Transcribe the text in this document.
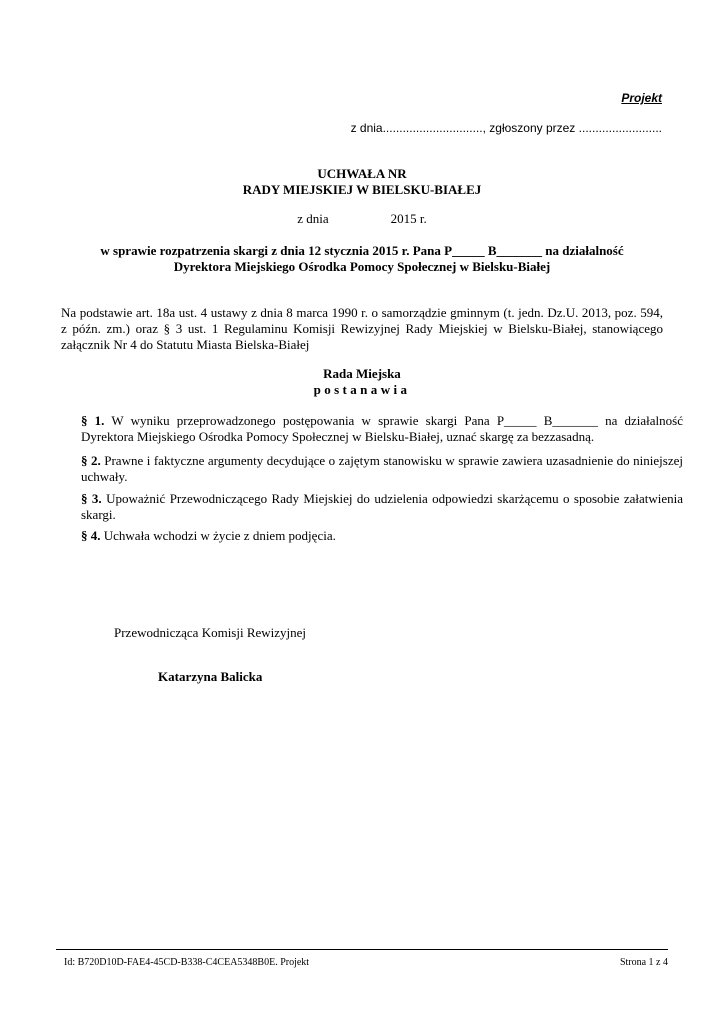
Projekt
z dnia.............................., zgłoszony przez .........................
UCHWAŁA NR
RADY MIEJSKIEJ W BIELSKU-BIAŁEJ
z dnia	2015 r.
w sprawie rozpatrzenia skargi z dnia 12 stycznia 2015 r. Pana P_____ B_______ na działalność
Dyrektora Miejskiego Ośrodka Pomocy Społecznej w Bielsku-Białej
Na podstawie art. 18a ust. 4 ustawy z dnia 8 marca 1990 r. o samorządzie gminnym (t. jedn. Dz.U. 2013, poz. 594, z późn. zm.) oraz § 3 ust. 1 Regulaminu Komisji Rewizyjnej Rady Miejskiej w Bielsku-Białej, stanowiącego załącznik Nr 4 do Statutu Miasta Bielska-Białej
Rada Miejska
postanawia
§ 1. W wyniku przeprowadzonego postępowania w sprawie skargi Pana P_____ B_______ na działalność Dyrektora Miejskiego Ośrodka Pomocy Społecznej w Bielsku-Białej, uznać skargę za bezzasadną.
§ 2. Prawne i faktyczne argumenty decydujące o zajętym stanowisku w sprawie zawiera uzasadnienie do niniejszej uchwały.
§ 3. Upoważnić Przewodniczącego Rady Miejskiej do udzielenia odpowiedzi skarżącemu o sposobie załatwienia skargi.
§ 4. Uchwała wchodzi w życie z dniem podjęcia.
Przewodnicząca Komisji Rewizyjnej
Katarzyna Balicka
Id: B720D10D-FAE4-45CD-B338-C4CEA5348B0E. Projekt	Strona 1 z 4
